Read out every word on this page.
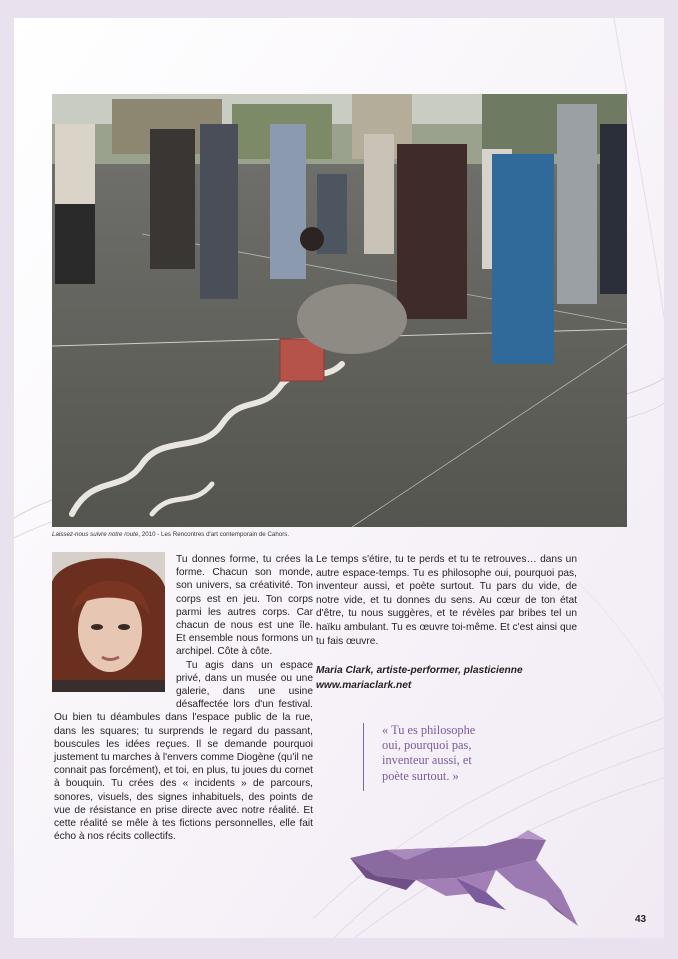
Laissez-nous suivre notre route, 2010 - Les Rencontres d'art contemporain de Cahors.

Tu donnes forme, tu crées la forme. Chacun son monde, son univers, sa créativité. Ton corps est en jeu. Ton corps parmi les autres corps. Car chacun de nous est une île. Et ensemble nous formons un archipel. Côte à côte.

Tu agis dans un espace privé, dans un musée ou une galerie, dans une usine désaffectée lors d'un festival. Ou bien tu déambules dans l'espace public de la rue, dans les squares; tu surprends le regard du passant, bouscules les idées reçues. Il se demande pourquoi justement tu marches à l'envers comme Diogène (qu'il ne connait pas forcément), et toi, en plus, tu joues du cornet à bouquin. Tu crées des « incidents » de parcours, sonores, visuels, des signes inhabituels, des points de vue de résistance en prise directe avec notre réalité. Et cette réalité se mêle à tes fictions personnelles, elle fait écho à nos récits collectifs.

Le temps s'étire, tu te perds et tu te retrouves… dans un autre espace-temps. Tu es philosophe oui, pourquoi pas, inventeur aussi, et poète surtout. Tu pars du vide, de notre vide, et tu donnes du sens. Au cœur de ton état d'être, tu nous suggères, et te révèles par bribes tel un haïku ambulant. Tu es œuvre toi-même. Et c'est ainsi que tu fais œuvre.

Maria Clark, artiste-performer, plasticienne
www.mariaclark.net
« Tu es philosophe
oui, pourquoi pas,
inventeur aussi, et
poète surtout. »
43
